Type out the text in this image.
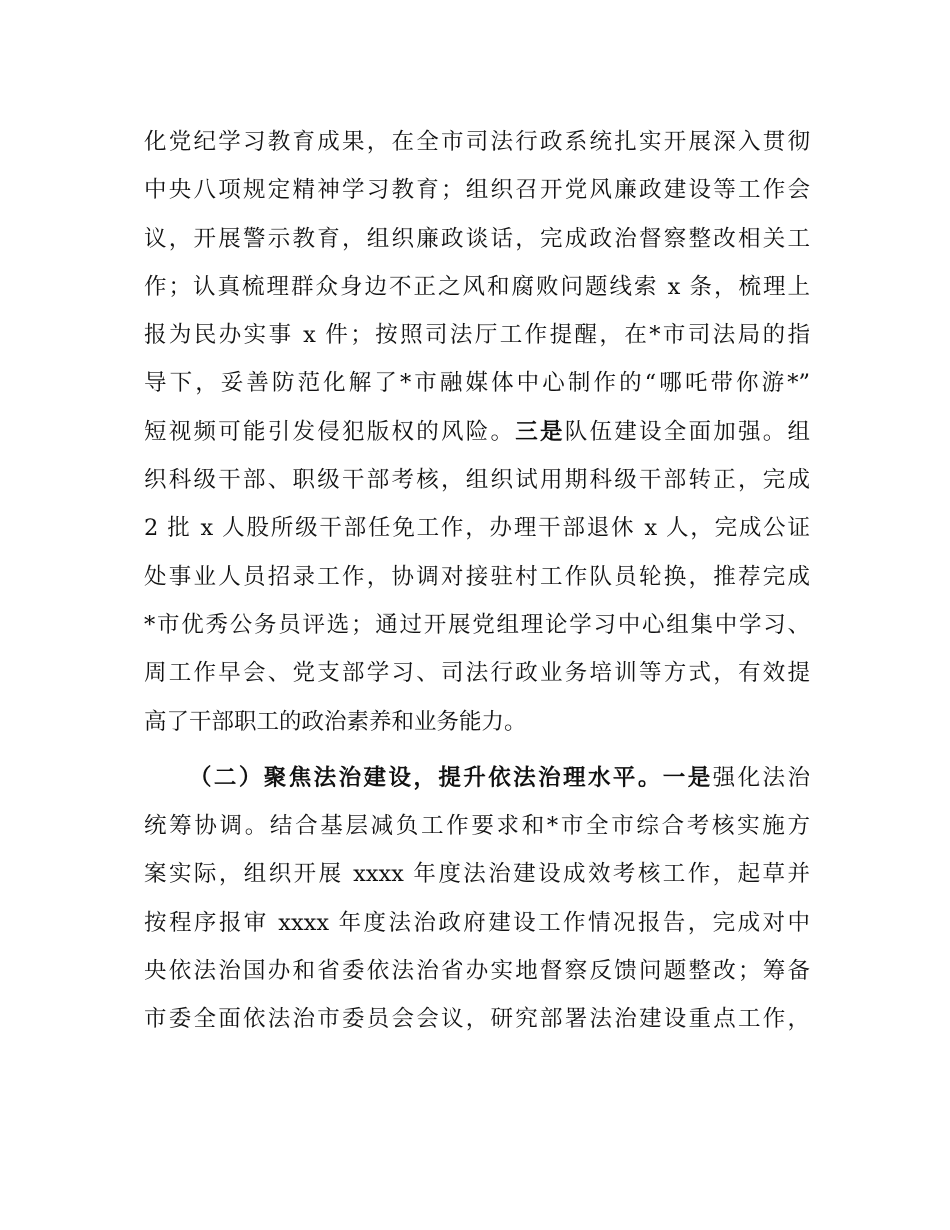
化党纪学习教育成果，在全市司法行政系统扎实开展深入贯彻
中央八项规定精神学习教育；组织召开党风廉政建设等工作会
议，开展警示教育，组织廉政谈话，完成政治督察整改相关工
作；认真梳理群众身边不正之风和腐败问题线索 x 条，梳理上
报为民办实事 x 件；按照司法厅工作提醒，在*市司法局的指
导下，妥善防范化解了*市融媒体中心制作的“哪吒带你游*”
短视频可能引发侵犯版权的风险。三是队伍建设全面加强。组
织科级干部、职级干部考核，组织试用期科级干部转正，完成
2 批 x 人股所级干部任免工作，办理干部退休 x 人，完成公证
处事业人员招录工作，协调对接驻村工作队员轮换，推荐完成
*市优秀公务员评选；通过开展党组理论学习中心组集中学习、
周工作早会、党支部学习、司法行政业务培训等方式，有效提
高了干部职工的政治素养和业务能力。
（二）聚焦法治建设，提升依法治理水平。一是强化法治
统筹协调。结合基层减负工作要求和*市全市综合考核实施方
案实际，组织开展 xxxx 年度法治建设成效考核工作，起草并
按程序报审 xxxx 年度法治政府建设工作情况报告，完成对中
央依法治国办和省委依法治省办实地督察反馈问题整改；筹备
市委全面依法治市委员会会议，研究部署法治建设重点工作，
